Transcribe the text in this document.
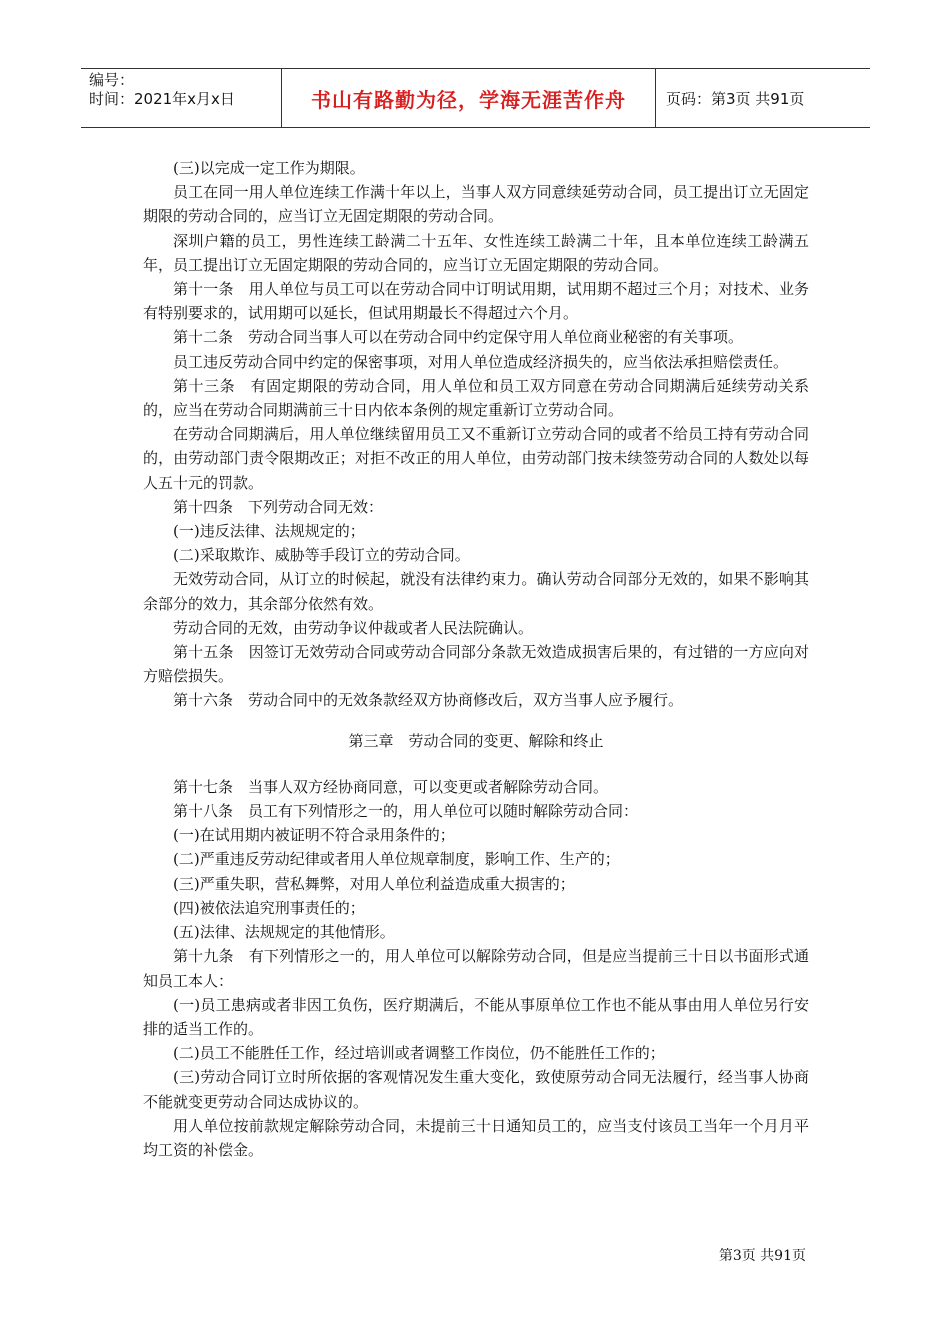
编号：
时间：2021年x月x日	书山有路勤为径，学海无涯苦作舟	页码：第3页 共91页

(三)以完成一定工作为期限。

员工在同一用人单位连续工作满十年以上，当事人双方同意续延劳动合同，员工提出订立无固定期限的劳动合同的，应当订立无固定期限的劳动合同。

深圳户籍的员工，男性连续工龄满二十五年、女性连续工龄满二十年，且本单位连续工龄满五年，员工提出订立无固定期限的劳动合同的，应当订立无固定期限的劳动合同。

第十一条　用人单位与员工可以在劳动合同中订明试用期，试用期不超过三个月；对技术、业务有特别要求的，试用期可以延长，但试用期最长不得超过六个月。

第十二条　劳动合同当事人可以在劳动合同中约定保守用人单位商业秘密的有关事项。

员工违反劳动合同中约定的保密事项，对用人单位造成经济损失的，应当依法承担赔偿责任。

第十三条　有固定期限的劳动合同，用人单位和员工双方同意在劳动合同期满后延续劳动关系的，应当在劳动合同期满前三十日内依本条例的规定重新订立劳动合同。

在劳动合同期满后，用人单位继续留用员工又不重新订立劳动合同的或者不给员工持有劳动合同的，由劳动部门责令限期改正；对拒不改正的用人单位，由劳动部门按未续签劳动合同的人数处以每人五十元的罚款。

第十四条　下列劳动合同无效：

(一)违反法律、法规规定的；

(二)采取欺诈、威胁等手段订立的劳动合同。

无效劳动合同，从订立的时候起，就没有法律约束力。确认劳动合同部分无效的，如果不影响其余部分的效力，其余部分依然有效。

劳动合同的无效，由劳动争议仲裁或者人民法院确认。

第十五条　因签订无效劳动合同或劳动合同部分条款无效造成损害后果的，有过错的一方应向对方赔偿损失。

第十六条　劳动合同中的无效条款经双方协商修改后，双方当事人应予履行。

第三章　劳动合同的变更、解除和终止

第十七条　当事人双方经协商同意，可以变更或者解除劳动合同。

第十八条　员工有下列情形之一的，用人单位可以随时解除劳动合同：

(一)在试用期内被证明不符合录用条件的；

(二)严重违反劳动纪律或者用人单位规章制度，影响工作、生产的；

(三)严重失职，营私舞弊，对用人单位利益造成重大损害的；

(四)被依法追究刑事责任的；

(五)法律、法规规定的其他情形。

第十九条　有下列情形之一的，用人单位可以解除劳动合同，但是应当提前三十日以书面形式通知员工本人：

(一)员工患病或者非因工负伤，医疗期满后，不能从事原单位工作也不能从事由用人单位另行安排的适当工作的。

(二)员工不能胜任工作，经过培训或者调整工作岗位，仍不能胜任工作的；

(三)劳动合同订立时所依据的客观情况发生重大变化，致使原劳动合同无法履行，经当事人协商不能就变更劳动合同达成协议的。

用人单位按前款规定解除劳动合同，未提前三十日通知员工的，应当支付该员工当年一个月月平均工资的补偿金。

第3页 共91页
